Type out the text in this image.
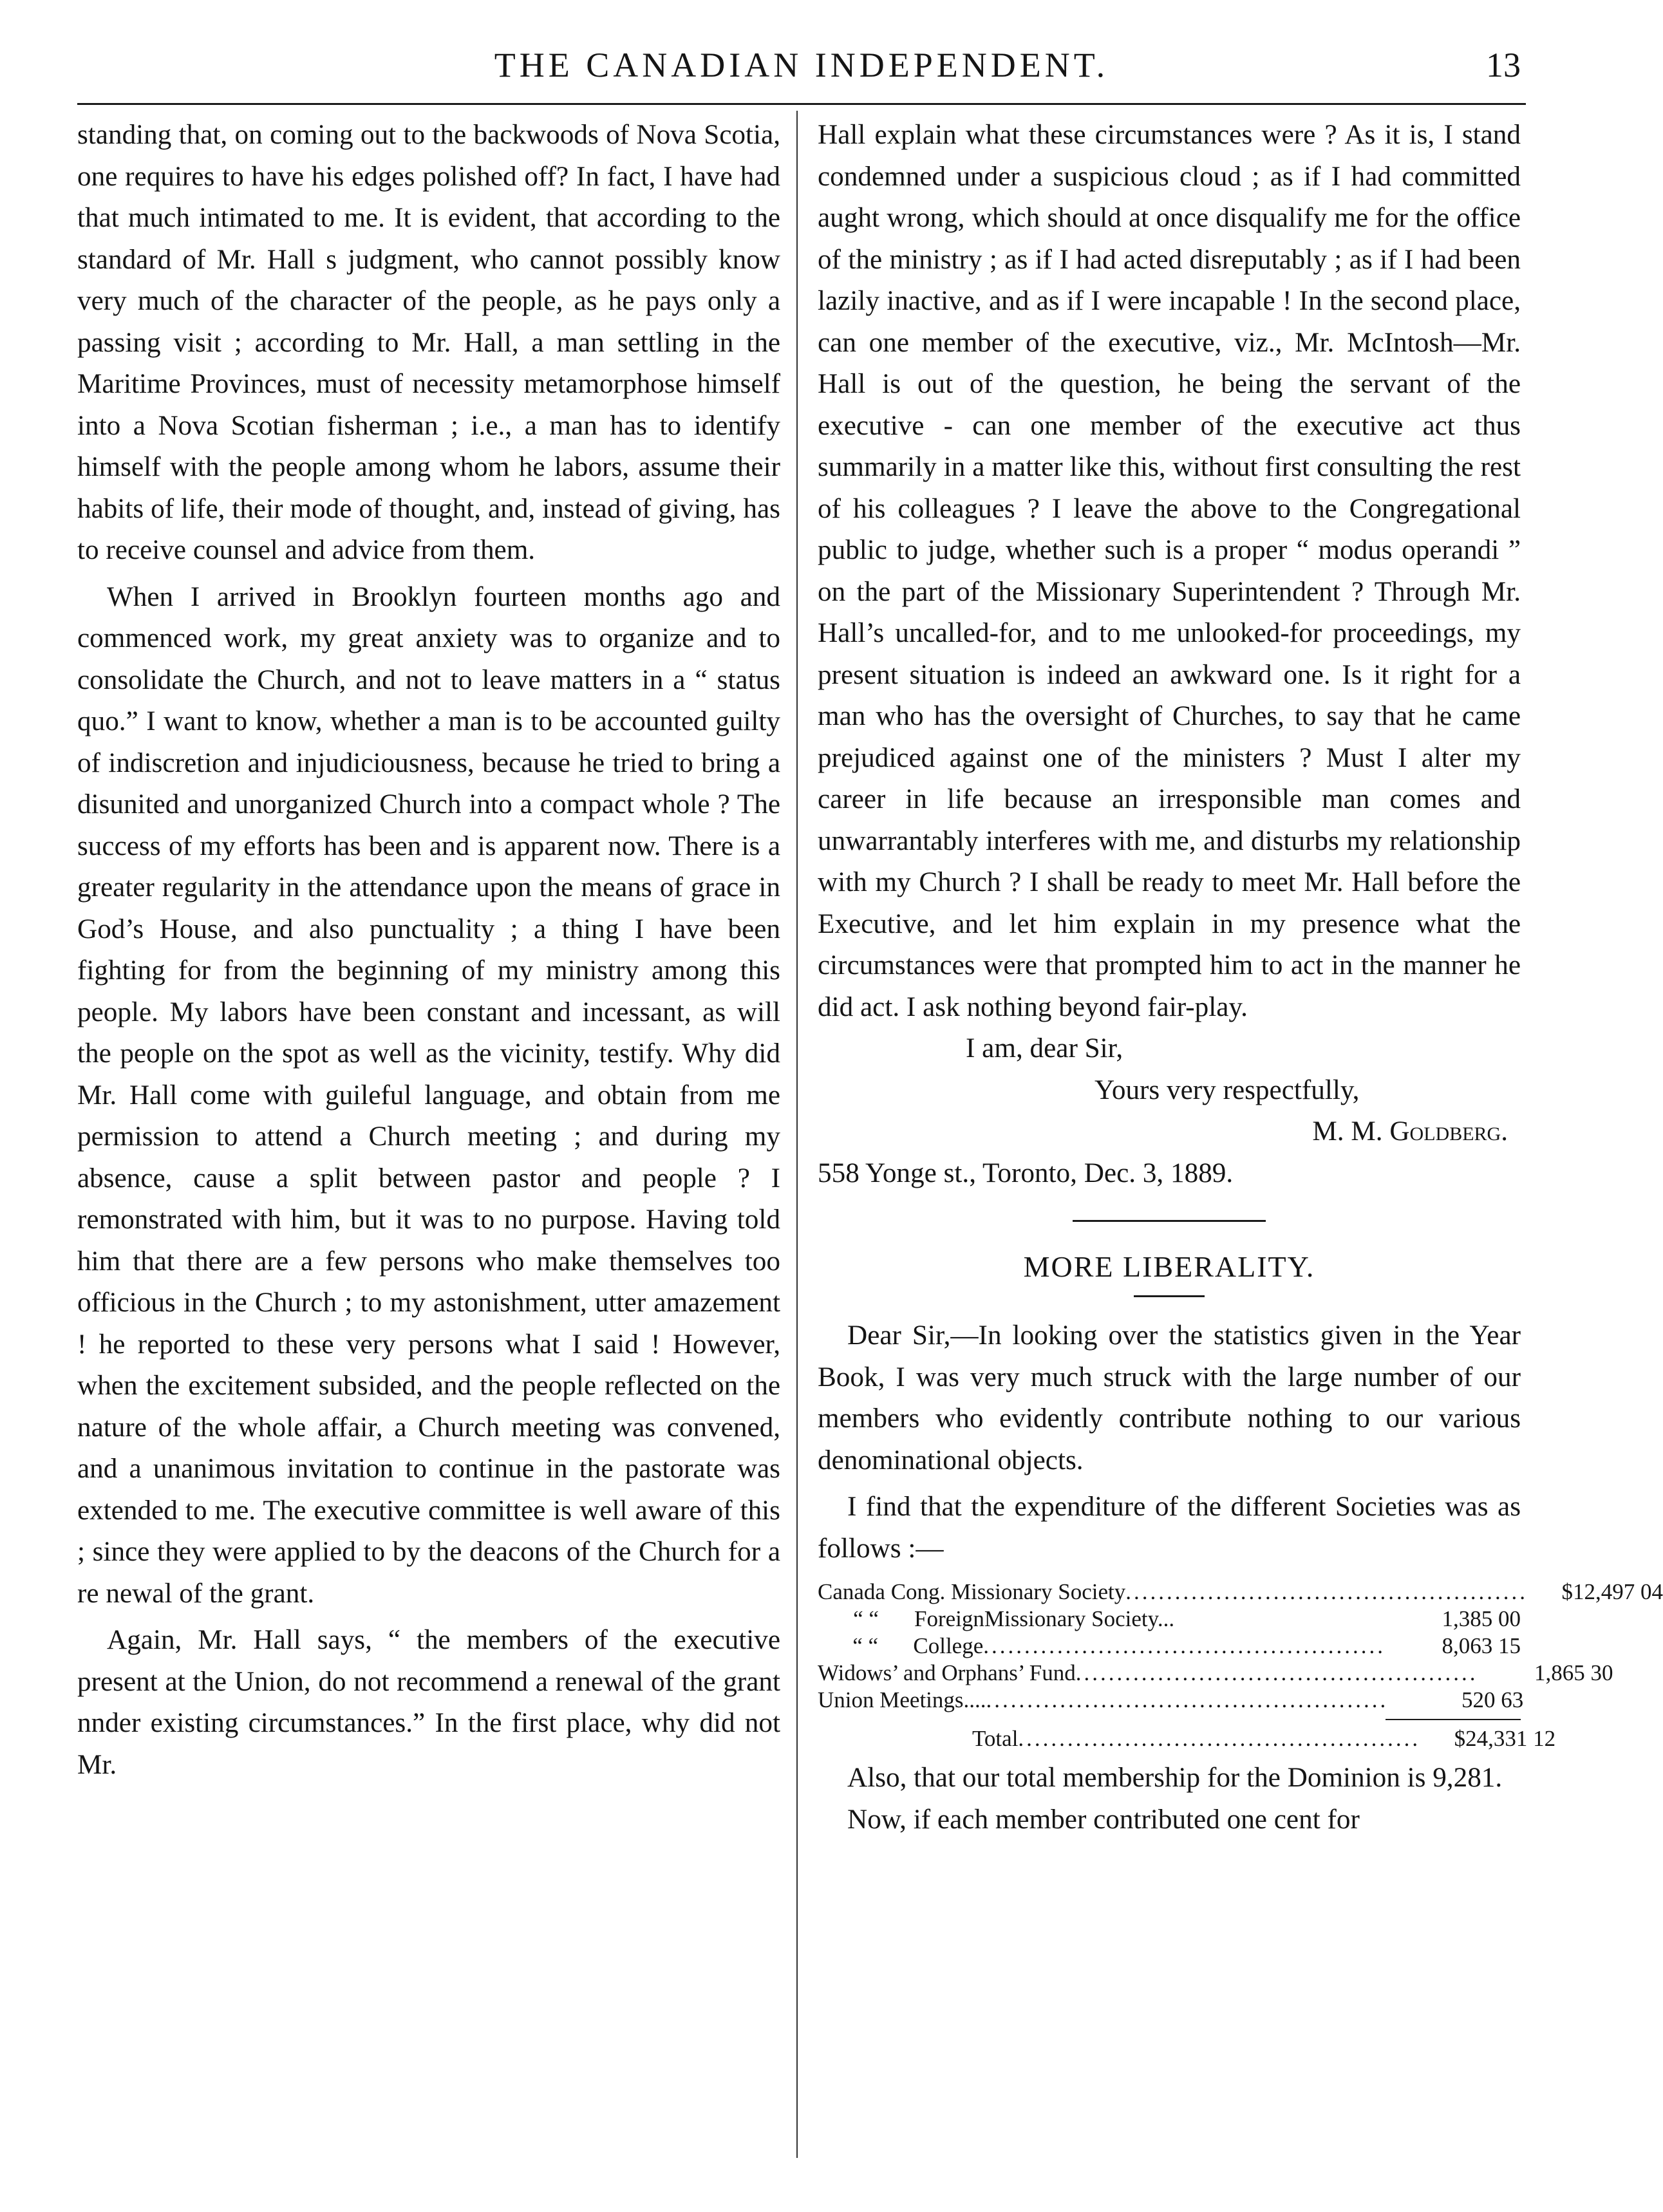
THE CANADIAN INDEPENDENT.	13

standing that, on coming out to the backwoods of Nova Scotia, one requires to have his edges polished off? In fact, I have had that much intimated to me. It is evident, that according to the standard of Mr. Hall s judgment, who cannot possibly know very much of the character of the people, as he pays only a passing visit ; according to Mr. Hall, a man settling in the Maritime Provinces, must of necessity metamorphose himself into a Nova Scotian fisherman ; i.e., a man has to identify himself with the people among whom he labors, assume their habits of life, their mode of thought, and, instead of giving, has to receive counsel and advice from them.

When I arrived in Brooklyn fourteen months ago and commenced work, my great anxiety was to organize and to consolidate the Church, and not to leave matters in a “ status quo.” I want to know, whether a man is to be accounted guilty of indiscretion and injudiciousness, because he tried to bring a disunited and unorganized Church into a compact whole ? The success of my efforts has been and is apparent now. There is a greater regularity in the attendance upon the means of grace in God’s House, and also punctuality ; a thing I have been fighting for from the beginning of my ministry among this people. My labors have been constant and incessant, as will the people on the spot as well as the vicinity, testify. Why did Mr. Hall come with guileful language, and obtain from me permission to attend a Church meeting ; and during my absence, cause a split between pastor and people ? I remonstrated with him, but it was to no purpose. Having told him that there are a few persons who make themselves too officious in the Church ; to my astonishment, utter amazement ! he reported to these very persons what I said ! However, when the excitement subsided, and the people reflected on the nature of the whole affair, a Church meeting was convened, and a unanimous invitation to continue in the pastorate was extended to me. The executive committee is well aware of this ; since they were applied to by the deacons of the Church for a re newal of the grant.

Again, Mr. Hall says, “ the members of the executive present at the Union, do not recommend a renewal of the grant nnder existing circumstances.” In the first place, why did not Mr.

Hall explain what these circumstances were ? As it is, I stand condemned under a suspicious cloud ; as if I had committed aught wrong, which should at once disqualify me for the office of the ministry ; as if I had acted disreputably ; as if I had been lazily inactive, and as if I were incapable ! In the second place, can one member of the executive, viz., Mr. McIntosh—Mr. Hall is out of the question, he being the servant of the executive - can one member of the executive act thus summarily in a matter like this, without first consulting the rest of his colleagues ? I leave the above to the Congregational public to judge, whether such is a proper “ modus operandi ” on the part of the Missionary Superintendent ? Through Mr. Hall’s uncalled-for, and to me unlooked-for proceedings, my present situation is indeed an awkward one. Is it right for a man who has the oversight of Churches, to say that he came prejudiced against one of the ministers ? Must I alter my career in life because an irresponsible man comes and unwarrantably interferes with me, and disturbs my relationship with my Church ? I shall be ready to meet Mr. Hall before the Executive, and let him explain in my presence what the circumstances were that prompted him to act in the manner he did act. I ask nothing beyond fair-play.

I am, dear Sir,
Yours very respectfully,
M. M. Goldberg.
558 Yonge st., Toronto, Dec. 3, 1889.
MORE LIBERALITY.

Dear Sir,—In looking over the statistics given in the Year Book, I was very much struck with the large number of our members who evidently contribute nothing to our various denominational objects.

I find that the expenditure of the different Societies was as follows :—

Canada Cong. Missionary Society .................................................	$12,497 04
“ “	ForeignMissionary Society...	1,385 00
“ “	College .................................................	8,063 15
Widows’ and Orphans’ Fund .................................................	1,865 30
Union Meetings.... .................................................	520 63
Total .................................................	$24,331 12

Also, that our total membership for the Dominion is 9,281.

Now, if each member contributed one cent for
